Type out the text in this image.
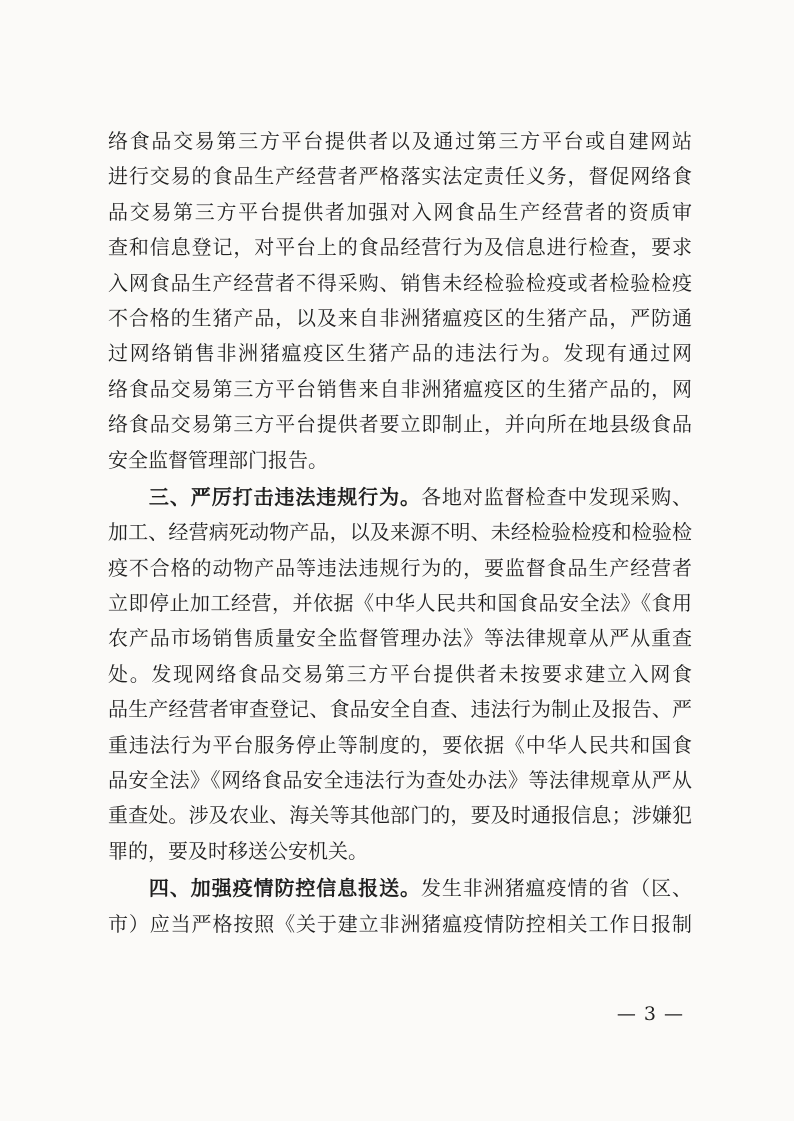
络食品交易第三方平台提供者以及通过第三方平台或自建网站
进行交易的食品生产经营者严格落实法定责任义务，督促网络食
品交易第三方平台提供者加强对入网食品生产经营者的资质审
查和信息登记，对平台上的食品经营行为及信息进行检查，要求
入网食品生产经营者不得采购、销售未经检验检疫或者检验检疫
不合格的生猪产品，以及来自非洲猪瘟疫区的生猪产品，严防通
过网络销售非洲猪瘟疫区生猪产品的违法行为。发现有通过网
络食品交易第三方平台销售来自非洲猪瘟疫区的生猪产品的，网
络食品交易第三方平台提供者要立即制止，并向所在地县级食品
安全监督管理部门报告。
三、严厉打击违法违规行为。各地对监督检查中发现采购、
加工、经营病死动物产品，以及来源不明、未经检验检疫和检验检
疫不合格的动物产品等违法违规行为的，要监督食品生产经营者
立即停止加工经营，并依据《中华人民共和国食品安全法》《食用
农产品市场销售质量安全监督管理办法》等法律规章从严从重查
处。发现网络食品交易第三方平台提供者未按要求建立入网食
品生产经营者审查登记、食品安全自查、违法行为制止及报告、严
重违法行为平台服务停止等制度的，要依据《中华人民共和国食
品安全法》《网络食品安全违法行为查处办法》等法律规章从严从
重查处。涉及农业、海关等其他部门的，要及时通报信息；涉嫌犯
罪的，要及时移送公安机关。
四、加强疫情防控信息报送。发生非洲猪瘟疫情的省（区、
市）应当严格按照《关于建立非洲猪瘟疫情防控相关工作日报制
— 3 —
